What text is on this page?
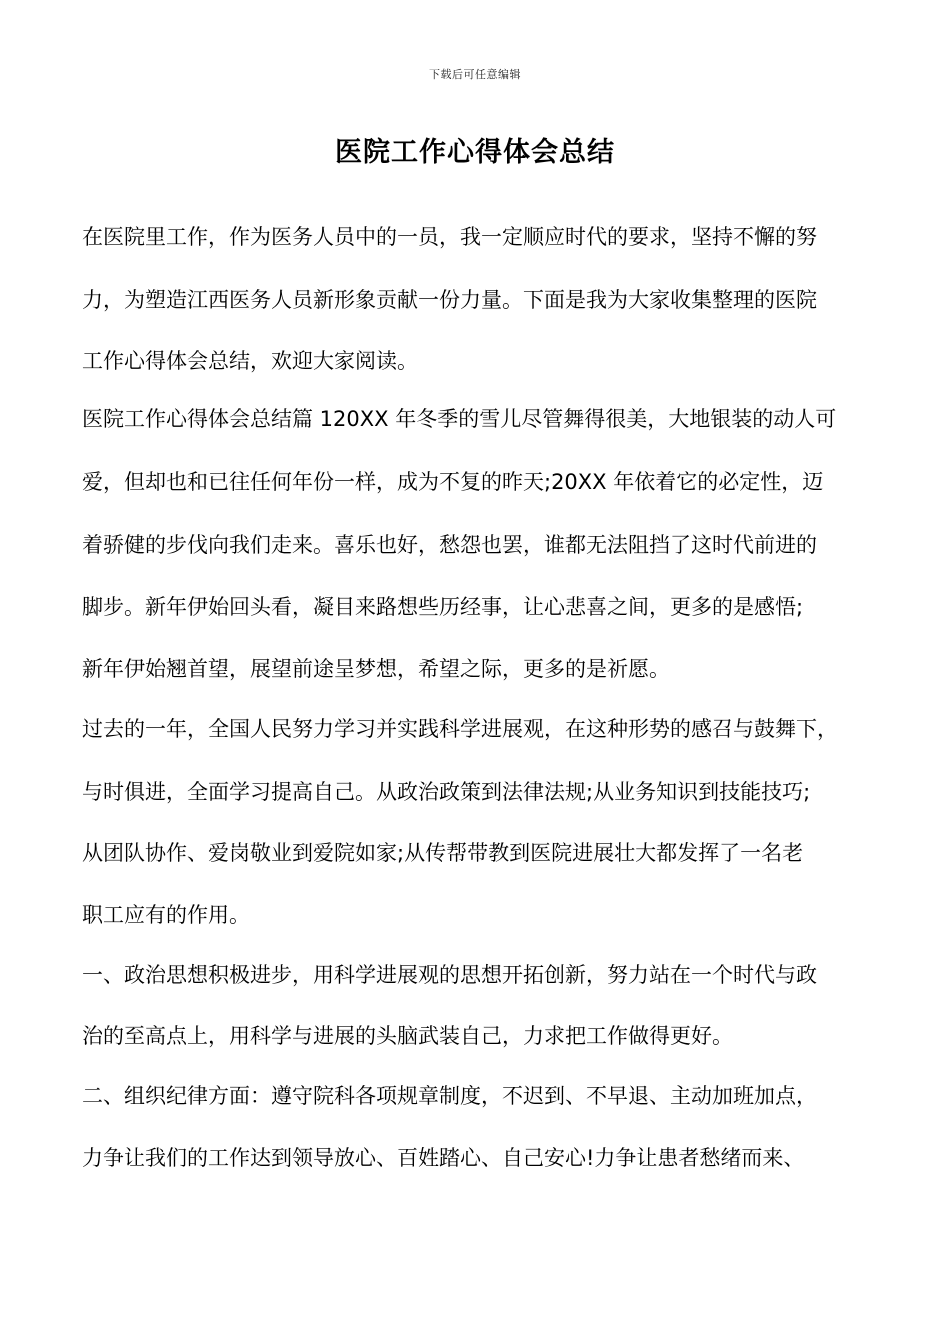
下载后可任意编辑
医院工作心得体会总结
在医院里工作，作为医务人员中的一员，我一定顺应时代的要求，坚持不懈的努
力，为塑造江西医务人员新形象贡献一份力量。下面是我为大家收集整理的医院
工作心得体会总结，欢迎大家阅读。
医院工作心得体会总结篇 120XX 年冬季的雪儿尽管舞得很美，大地银装的动人可
爱，但却也和已往任何年份一样，成为不复的昨天;20XX 年依着它的必定性，迈
着骄健的步伐向我们走来。喜乐也好，愁怨也罢，谁都无法阻挡了这时代前进的
脚步。新年伊始回头看，凝目来路想些历经事，让心悲喜之间，更多的是感悟;
新年伊始翘首望，展望前途呈梦想，希望之际，更多的是祈愿。
过去的一年，全国人民努力学习并实践科学进展观，在这种形势的感召与鼓舞下，
与时俱进，全面学习提高自己。从政治政策到法律法规;从业务知识到技能技巧;
从团队协作、爱岗敬业到爱院如家;从传帮带教到医院进展壮大都发挥了一名老
职工应有的作用。
一、政治思想积极进步，用科学进展观的思想开拓创新，努力站在一个时代与政
治的至高点上，用科学与进展的头脑武装自己，力求把工作做得更好。
二、组织纪律方面：遵守院科各项规章制度，不迟到、不早退、主动加班加点，
力争让我们的工作达到领导放心、百姓踏心、自己安心!力争让患者愁绪而来、
